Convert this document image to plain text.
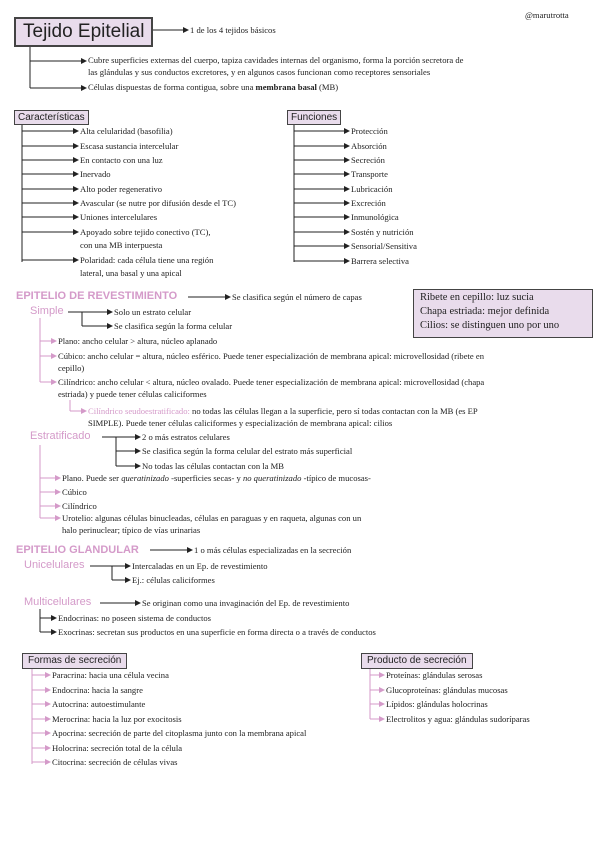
Tejido Epitelial
@marutrotta
1 de los 4 tejidos básicos
Cubre superficies externas del cuerpo, tapiza cavidades internas del organismo, forma la porción secretora de
las glándulas y sus conductos excretores, y en algunos casos funcionan como receptores sensoriales
Células dispuestas de forma contigua, sobre una membrana basal (MB)
Características
Alta celularidad (basofilia)
Escasa sustancia intercelular
En contacto con una luz
Inervado
Alto poder regenerativo
Avascular (se nutre por difusión desde el TC)
Uniones intercelulares
Apoyado sobre tejido conectivo (TC),
con una MB interpuesta
Polaridad: cada célula tiene una región
lateral, una basal y una apical
Funciones
Protección
Absorción
Secreción
Transporte
Lubricación
Excreción
Inmunológica
Sostén y nutrición
Sensorial/Sensitiva
Barrera selectiva
Ribete en cepillo: luz sucia
Chapa estriada: mejor definida
Cilios: se distinguen uno por uno
EPITELIO DE REVESTIMIENTO	Se clasifica según el número de capas
Simple	Solo un estrato celular
Se clasifica según la forma celular
Plano: ancho celular > altura, núcleo aplanado
Cúbico: ancho celular = altura, núcleo esférico. Puede tener especialización de membrana apical: microvellosidad (ribete en
cepillo)
Cilíndrico: ancho celular < altura, núcleo ovalado. Puede tener especialización de membrana apical: microvellosidad (chapa
estriada) y puede tener células caliciformes
Cilíndrico seudoestratificado: no todas las células llegan a la superficie, pero sí todas contactan con la MB (es EP
SIMPLE). Puede tener células caliciformes y especialización de membrana apical: cilios
Estratificado	2 o más estratos celulares
Se clasifica según la forma celular del estrato más superficial
No todas las células contactan con la MB
Plano. Puede ser queratinizado -superficies secas- y no queratinizado -típico de mucosas-
Cúbico
Cilíndrico
Urotelio: algunas células binucleadas, células en paraguas y en raqueta, algunas con un
halo perinuclear; típico de vías urinarias
EPITELIO GLANDULAR	1 o más células especializadas en la secreción
Unicelulares	Intercaladas en un Ep. de revestimiento
Ej.: células caliciformes
Multicelulares	Se originan como una invaginación del Ep. de revestimiento
Endocrinas: no poseen sistema de conductos
Exocrinas: secretan sus productos en una superficie en forma directa o a través de conductos
Formas de secreción
Paracrina: hacia una célula vecina
Endocrina: hacia la sangre
Autocrina: autoestimulante
Merocrina: hacia la luz por exocitosis
Apocrina: secreción de parte del citoplasma junto con la membrana apical
Holocrina: secreción total de la célula
Citocrina: secreción de células vivas
Producto de secreción
Proteínas: glándulas serosas
Glucoproteínas: glándulas mucosas
Lípidos: glándulas holocrinas
Electrolitos y agua: glándulas sudoríparas
